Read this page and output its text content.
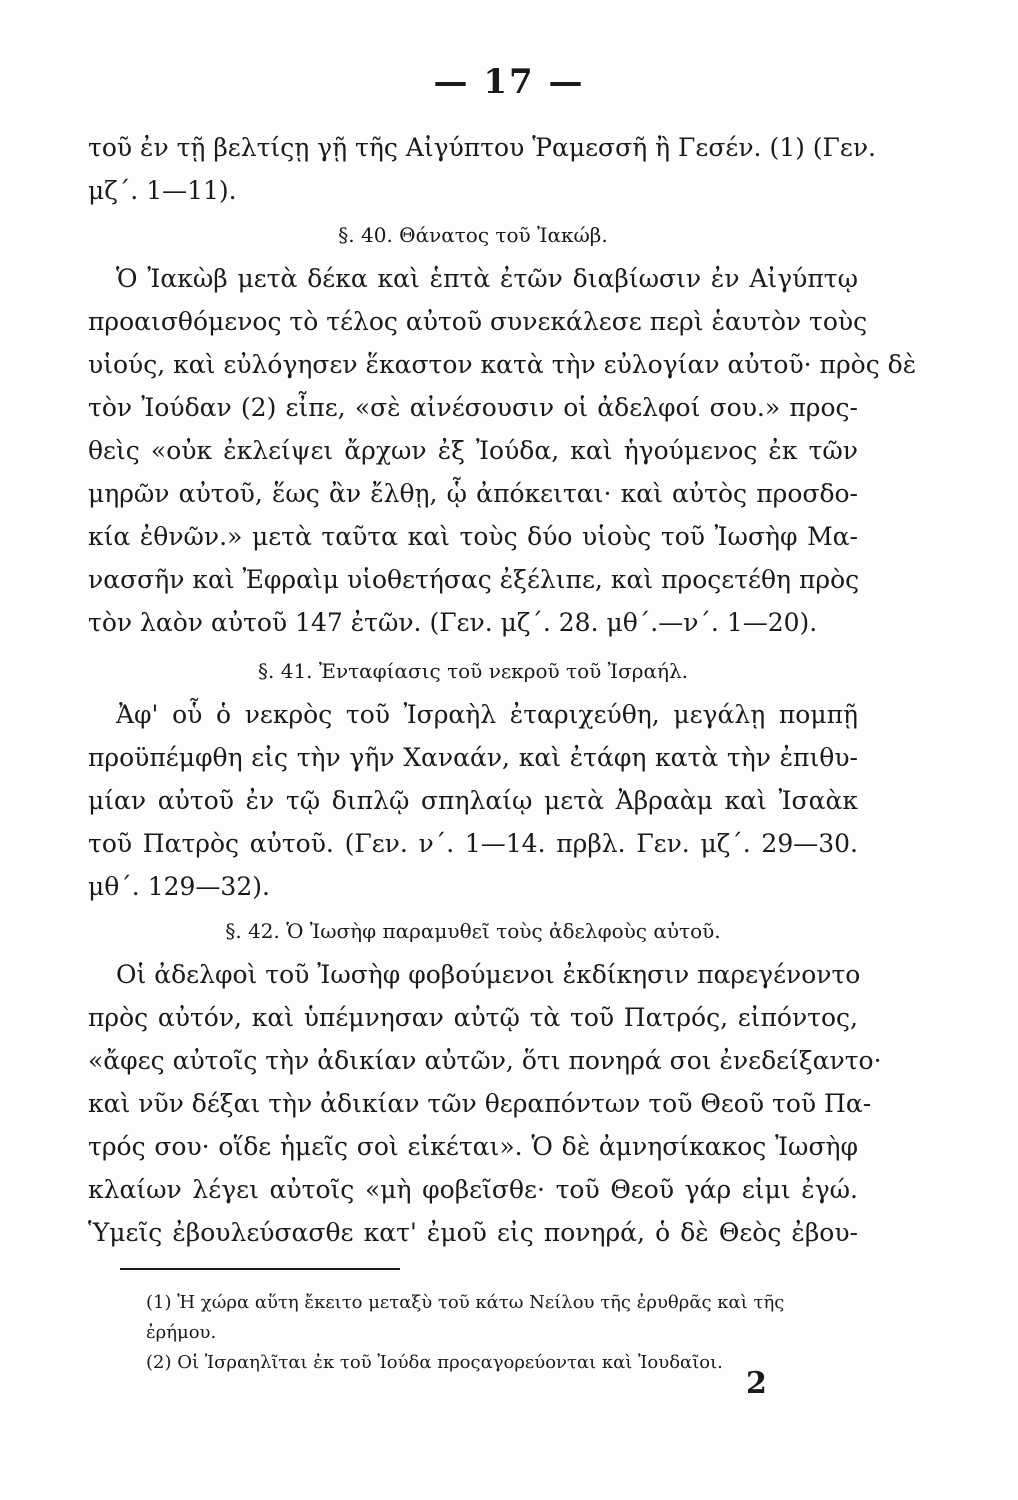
— 17 —
τοῦ ἐν τῇ βελτίςῃ γῇ τῆς Αἰγύπτου Ῥαμεσσῆ ἢ Γεσέν. (1) (Γεν.
μζ΄. 1—11).
§. 40. Θάνατος τοῦ Ἰακώβ.
Ὁ Ἰακὼβ μετὰ δέκα καὶ ἑπτὰ ἐτῶν διαβίωσιν ἐν Αἰγύπτῳ
προαισθόμενος τὸ τέλος αὐτοῦ συνεκάλεσε περὶ ἑαυτὸν τοὺς
υἱούς, καὶ εὐλόγησεν ἕκαστον κατὰ τὴν εὐλογίαν αὐτοῦ· πρὸς δὲ
τὸν Ἰούδαν (2) εἶπε, «σὲ αἰνέσουσιν οἱ ἀδελφοί σου.» προς-
θεὶς «οὐκ ἐκλείψει ἄρχων ἐξ Ἰούδα, καὶ ἡγούμενος ἐκ τῶν
μηρῶν αὐτοῦ, ἕως ἂν ἔλθῃ, ᾧ ἀπόκειται· καὶ αὐτὸς προσδο-
κία ἐθνῶν.» μετὰ ταῦτα καὶ τοὺς δύο υἱοὺς τοῦ Ἰωσὴφ Μα-
νασσῆν καὶ Ἐφραὶμ υἱοθετήσας ἐξέλιπε, καὶ προςετέθη πρὸς
τὸν λαὸν αὐτοῦ 147 ἐτῶν. (Γεν. μζ΄. 28. μθ΄.—ν΄. 1—20).
§. 41. Ἐνταφίασις τοῦ νεκροῦ τοῦ Ἰσραήλ.
Ἀφ' οὗ ὁ νεκρὸς τοῦ Ἰσραὴλ ἐταριχεύθη, μεγάλῃ πομπῇ
προϋπέμφθη εἰς τὴν γῆν Χαναάν, καὶ ἐτάφη κατὰ τὴν ἐπιθυ-
μίαν αὐτοῦ ἐν τῷ διπλῷ σπηλαίῳ μετὰ Ἀβραὰμ καὶ Ἰσαὰκ
τοῦ Πατρὸς αὐτοῦ. (Γεν. ν΄. 1—14. πρβλ. Γεν. μζ΄. 29—30.
μθ΄. 129—32).
§. 42. Ὁ Ἰωσὴφ παραμυθεῖ τοὺς ἀδελφοὺς αὐτοῦ.
Οἱ ἀδελφοὶ τοῦ Ἰωσὴφ φοβούμενοι ἐκδίκησιν παρεγένοντο
πρὸς αὐτόν, καὶ ὑπέμνησαν αὐτῷ τὰ τοῦ Πατρός, εἰπόντος,
«ἄφες αὐτοῖς τὴν ἀδικίαν αὐτῶν, ὅτι πονηρά σοι ἐνεδείξαντο·
καὶ νῦν δέξαι τὴν ἀδικίαν τῶν θεραπόντων τοῦ Θεοῦ τοῦ Πα-
τρός σου· οἵδε ἡμεῖς σοὶ εἰκέται». Ὁ δὲ ἀμνησίκακος Ἰωσὴφ
κλαίων λέγει αὐτοῖς «μὴ φοβεῖσθε· τοῦ Θεοῦ γάρ εἰμι ἐγώ.
Ὑμεῖς ἐβουλεύσασθε κατ' ἐμοῦ εἰς πονηρά, ὁ δὲ Θεὸς ἐβου-
(1) Ἡ χώρα αὕτη ἔκειτο μεταξὺ τοῦ κάτω Νείλου τῆς ἐρυθρᾶς καὶ τῆς
ἐρήμου.
(2) Οἱ Ἰσραηλῖται ἐκ τοῦ Ἰούδα προςαγορεύονται καὶ Ἰουδαῖοι.
2
